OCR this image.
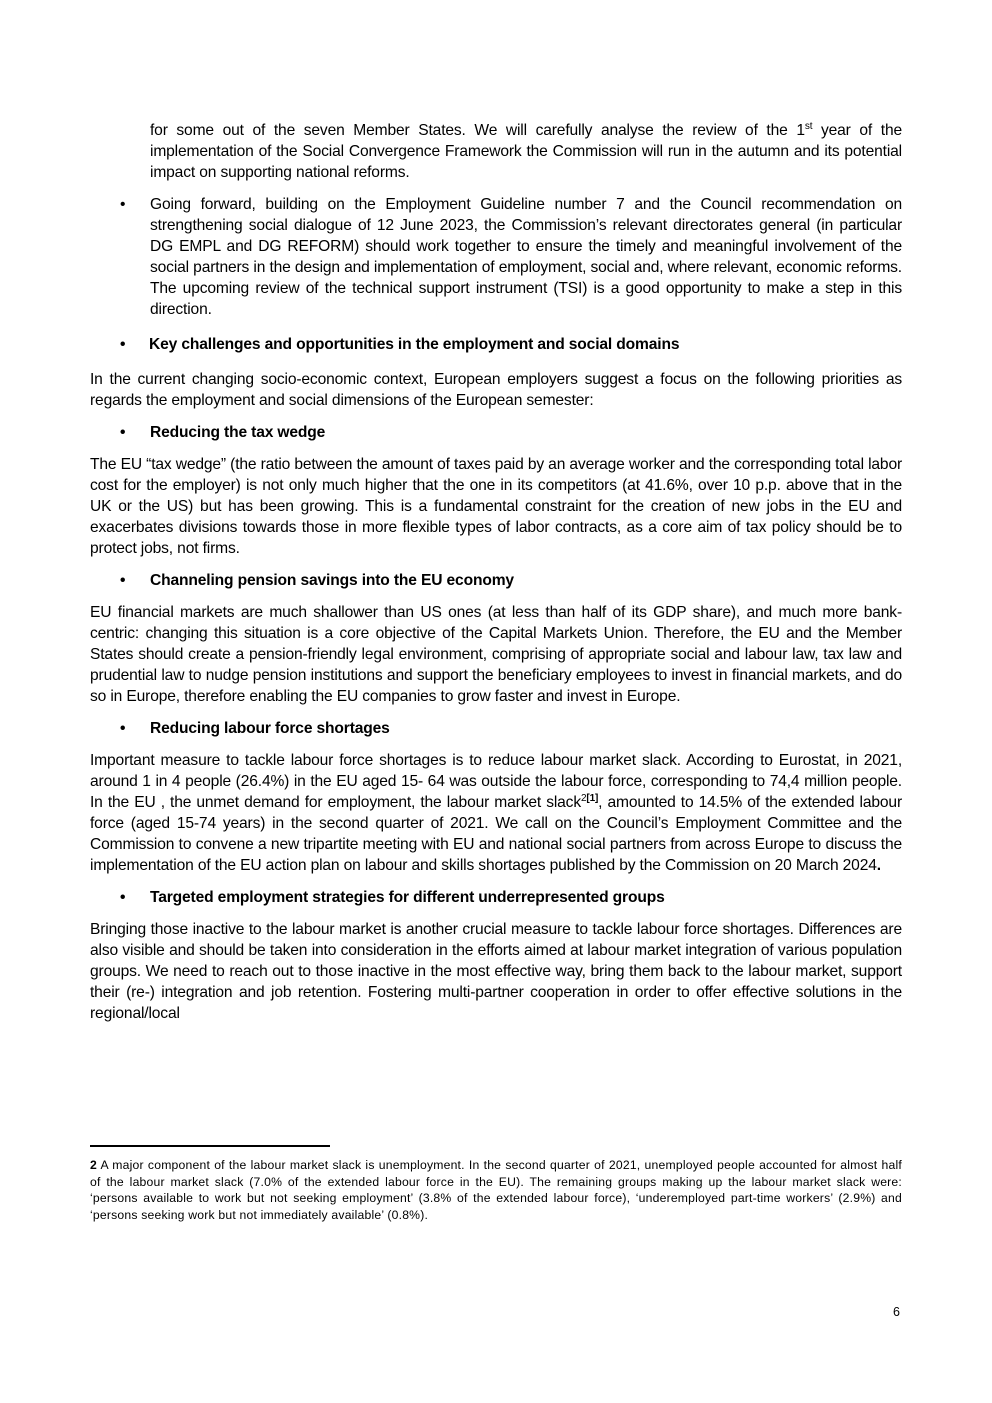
for some out of the seven Member States. We will carefully analyse the review of the 1st year of the implementation of the Social Convergence Framework the Commission will run in the autumn and its potential impact on supporting national reforms.

• Going forward, building on the Employment Guideline number 7 and the Council recommendation on strengthening social dialogue of 12 June 2023, the Commission’s relevant directorates general (in particular DG EMPL and DG REFORM) should work together to ensure the timely and meaningful involvement of the social partners in the design and implementation of employment, social and, where relevant, economic reforms. The upcoming review of the technical support instrument (TSI) is a good opportunity to make a step in this direction.

• Key challenges and opportunities in the employment and social domains

In the current changing socio-economic context, European employers suggest a focus on the following priorities as regards the employment and social dimensions of the European semester:

• Reducing the tax wedge

The EU “tax wedge” (the ratio between the amount of taxes paid by an average worker and the corresponding total labor cost for the employer) is not only much higher that the one in its competitors (at 41.6%, over 10 p.p. above that in the UK or the US) but has been growing. This is a fundamental constraint for the creation of new jobs in the EU and exacerbates divisions towards those in more flexible types of labor contracts, as a core aim of tax policy should be to protect jobs, not firms.

• Channeling pension savings into the EU economy

EU financial markets are much shallower than US ones (at less than half of its GDP share), and much more bank-centric: changing this situation is a core objective of the Capital Markets Union. Therefore, the EU and the Member States should create a pension-friendly legal environment, comprising of appropriate social and labour law, tax law and prudential law to nudge pension institutions and support the beneficiary employees to invest in financial markets, and do so in Europe, therefore enabling the EU companies to grow faster and invest in Europe.

• Reducing labour force shortages

Important measure to tackle labour force shortages is to reduce labour market slack. According to Eurostat, in 2021, around 1 in 4 people (26.4%) in the EU aged 15- 64 was outside the labour force, corresponding to 74,4 million people. In the EU , the unmet demand for employment, the labour market slack$^{2[1]}$, amounted to 14.5% of the extended labour force (aged 15-74 years) in the second quarter of 2021. We call on the Council’s Employment Committee and the Commission to convene a new tripartite meeting with EU and national social partners from across Europe to discuss the implementation of the EU action plan on labour and skills shortages published by the Commission on 20 March 2024.

• Targeted employment strategies for different underrepresented groups

Bringing those inactive to the labour market is another crucial measure to tackle labour force shortages. Differences are also visible and should be taken into consideration in the efforts aimed at labour market integration of various population groups. We need to reach out to those inactive in the most effective way, bring them back to the labour market, support their (re-) integration and job retention. Fostering multi-partner cooperation in order to offer effective solutions in the regional/local

2 A major component of the labour market slack is unemployment. In the second quarter of 2021, unemployed people accounted for almost half of the labour market slack (7.0% of the extended labour force in the EU). The remaining groups making up the labour market slack were: ‘persons available to work but not seeking employment’ (3.8% of the extended labour force), ‘underemployed part-time workers’ (2.9%) and ‘persons seeking work but not immediately available’ (0.8%).

6
